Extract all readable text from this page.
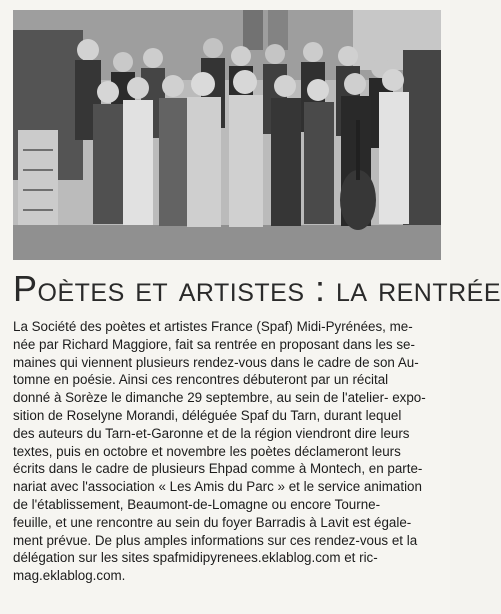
Poètes et artistes : la rentrée
La Société des poètes et artistes France (Spaf) Midi-Pyrénées, me-
née par Richard Maggiore, fait sa rentrée en proposant dans les se-
maines qui viennent plusieurs rendez-vous dans le cadre de son Au-
tomne en poésie. Ainsi ces rencontres débuteront par un récital
donné à Sorèze le dimanche 29 septembre, au sein de l'atelier- expo-
sition de Roselyne Morandi, déléguée Spaf du Tarn, durant lequel
des auteurs du Tarn-et-Garonne et de la région viendront dire leurs
textes, puis en octobre et novembre les poètes déclameront leurs
écrits dans le cadre de plusieurs Ehpad comme à Montech, en parte-
nariat avec l'association « Les Amis du Parc » et le service animation
de l'établissement, Beaumont-de-Lomagne ou encore Tourne-
feuille, et une rencontre au sein du foyer Barradis à Lavit est égale-
ment prévue. De plus amples informations sur ces rendez-vous et la
délégation sur les sites spafmidipyrenees.eklablog.com et ric-
mag.eklablog.com.
